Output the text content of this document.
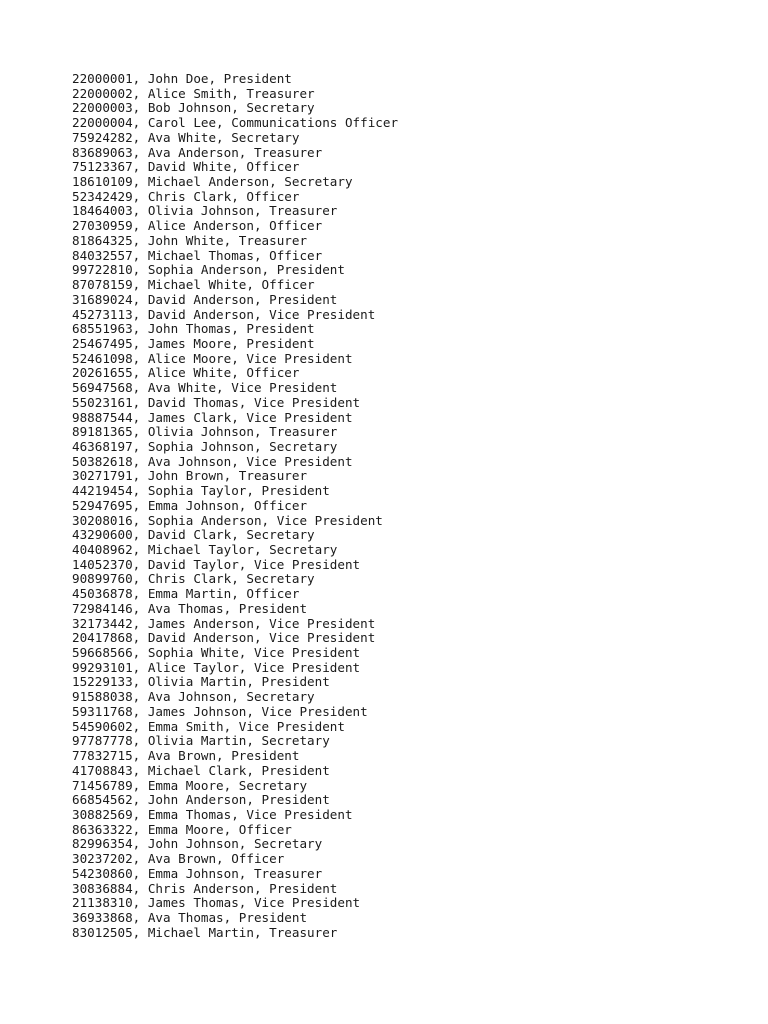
22000001, John Doe, President
22000002, Alice Smith, Treasurer
22000003, Bob Johnson, Secretary
22000004, Carol Lee, Communications Officer
75924282, Ava White, Secretary
83689063, Ava Anderson, Treasurer
75123367, David White, Officer
18610109, Michael Anderson, Secretary
52342429, Chris Clark, Officer
18464003, Olivia Johnson, Treasurer
27030959, Alice Anderson, Officer
81864325, John White, Treasurer
84032557, Michael Thomas, Officer
99722810, Sophia Anderson, President
87078159, Michael White, Officer
31689024, David Anderson, President
45273113, David Anderson, Vice President
68551963, John Thomas, President
25467495, James Moore, President
52461098, Alice Moore, Vice President
20261655, Alice White, Officer
56947568, Ava White, Vice President
55023161, David Thomas, Vice President
98887544, James Clark, Vice President
89181365, Olivia Johnson, Treasurer
46368197, Sophia Johnson, Secretary
50382618, Ava Johnson, Vice President
30271791, John Brown, Treasurer
44219454, Sophia Taylor, President
52947695, Emma Johnson, Officer
30208016, Sophia Anderson, Vice President
43290600, David Clark, Secretary
40408962, Michael Taylor, Secretary
14052370, David Taylor, Vice President
90899760, Chris Clark, Secretary
45036878, Emma Martin, Officer
72984146, Ava Thomas, President
32173442, James Anderson, Vice President
20417868, David Anderson, Vice President
59668566, Sophia White, Vice President
99293101, Alice Taylor, Vice President
15229133, Olivia Martin, President
91588038, Ava Johnson, Secretary
59311768, James Johnson, Vice President
54590602, Emma Smith, Vice President
97787778, Olivia Martin, Secretary
77832715, Ava Brown, President
41708843, Michael Clark, President
71456789, Emma Moore, Secretary
66854562, John Anderson, President
30882569, Emma Thomas, Vice President
86363322, Emma Moore, Officer
82996354, John Johnson, Secretary
30237202, Ava Brown, Officer
54230860, Emma Johnson, Treasurer
30836884, Chris Anderson, President
21138310, James Thomas, Vice President
36933868, Ava Thomas, President
83012505, Michael Martin, Treasurer
